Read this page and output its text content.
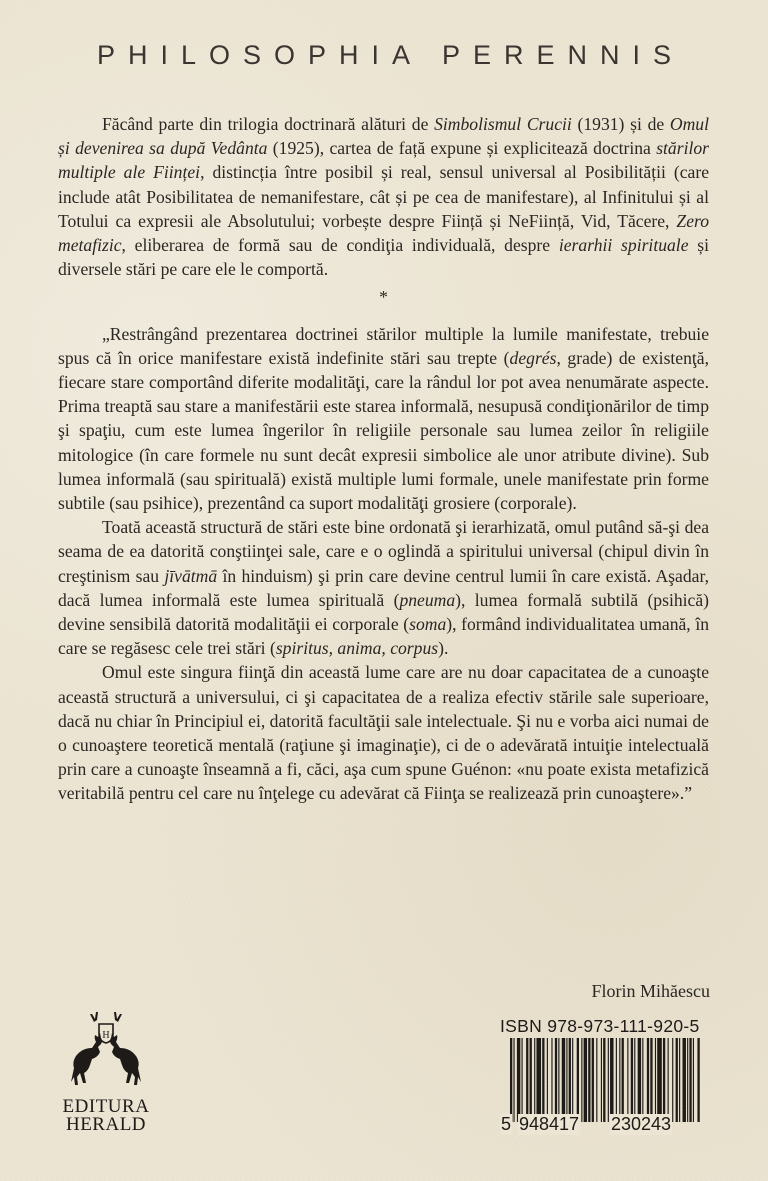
PHILOSOPHIA PERENNIS

Făcând parte din trilogia doctrinară alături de Simbolismul Crucii (1931) și de Omul și devenirea sa după Vedânta (1925), cartea de față expune și explicitează doctrina stărilor multiple ale Ființei, distincția între posibil și real, sensul universal al Posibilității (care include atât Posibilitatea de nemanifestare, cât și pe cea de manifestare), al Infinitului și al Totului ca expresii ale Absolutului; vorbește despre Ființă și NeFiință, Vid, Tăcere, Zero metafizic, eliberarea de formă sau de condiţia individuală, despre ierarhii spirituale și diversele stări pe care ele le comportă.

*

„Restrângând prezentarea doctrinei stărilor multiple la lumile manifestate, trebuie spus că în orice manifestare există indefinite stări sau trepte (degrés, grade) de existenţă, fiecare stare comportând diferite modalităţi, care la rândul lor pot avea nenumărate aspecte. Prima treaptă sau stare a manifestării este starea informală, nesupusă condiţionărilor de timp şi spaţiu, cum este lumea îngerilor în religiile personale sau lumea zeilor în religiile mitologice (în care formele nu sunt decât expresii simbolice ale unor atribute divine). Sub lumea informală (sau spirituală) există multiple lumi formale, unele manifestate prin forme subtile (sau psihice), prezentând ca suport modalităţi grosiere (corporale).

Toată această structură de stări este bine ordonată şi ierarhizată, omul putând să-şi dea seama de ea datorită conştiinţei sale, care e o oglindă a spiritului universal (chipul divin în creştinism sau jīvātmā în hinduism) şi prin care devine centrul lumii în care există. Aşadar, dacă lumea informală este lumea spirituală (pneuma), lumea formală subtilă (psihică) devine sensibilă datorită modalităţii ei corporale (soma), formând individualitatea umană, în care se regăsesc cele trei stări (spiritus, anima, corpus).

Omul este singura fiinţă din această lume care are nu doar capacitatea de a cunoaşte această structură a universului, ci şi capacitatea de a realiza efectiv stările sale superioare, dacă nu chiar în Principiul ei, datorită facultăţii sale intelectuale. Şi nu e vorba aici numai de o cunoaştere teoretică mentală (raţiune şi imaginaţie), ci de o adevărată intuiţie intelectuală prin care a cunoaşte înseamnă a fi, căci, aşa cum spune Guénon: «nu poate exista metafizică veritabilă pentru cel care nu înţelege cu adevărat că Fiinţa se realizează prin cunoaştere».”

Florin Mihăescu
H
EDITURA
HERALD
ISBN 978-973-111-920-5
5 948417 230243
